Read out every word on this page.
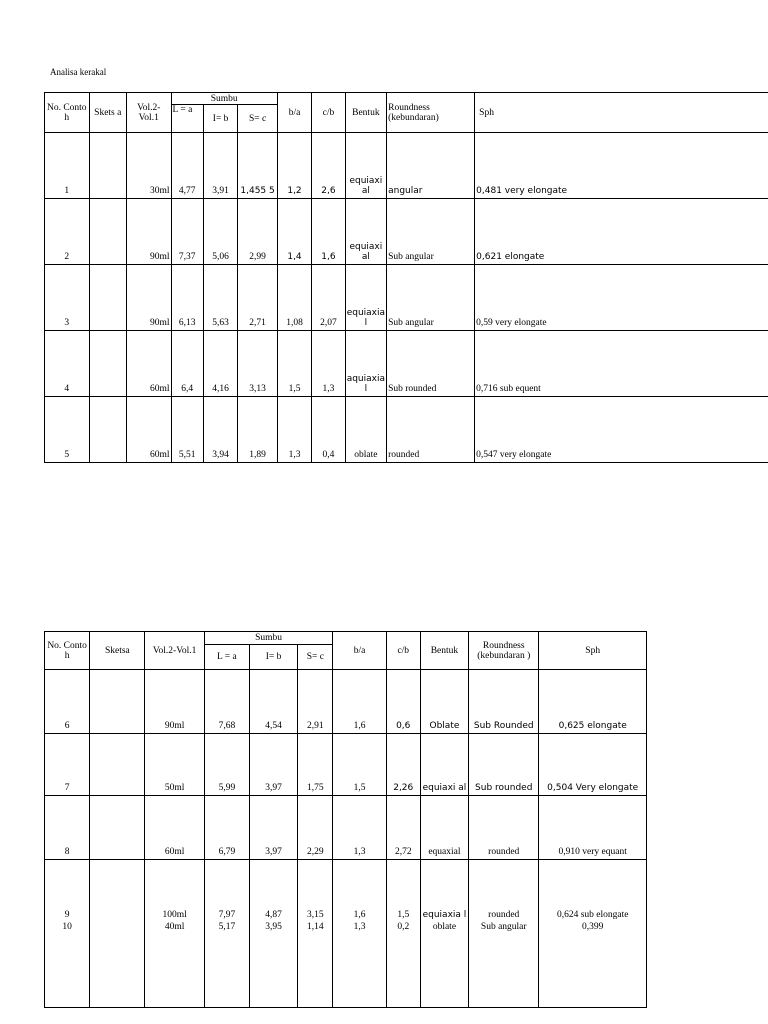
Analisa kerakal
No. Conto h	Skets a	Vol.2-Vol.1	Sumbu			b/a	c/b	Bentuk	Roundness (kebundaran)	Sph
			L = a	I= b	S= c					
1		30ml	4,77	3,91	1,455 5	1,2	2,6	equiaxi al	angular	0,481 very elongate
2		90ml	7,37	5,06	2,99	1,4	1,6	equiaxi al	Sub angular	0,621 elongate
3		90ml	6,13	5,63	2,71	1,08	2,07	equiaxia l	Sub angular	0,59 very elongate
4		60ml	6,4	4,16	3,13	1,5	1,3	aquiaxia l	Sub rounded	0,716 sub equent
5		60ml	5,51	3,94	1,89	1,3	0,4	oblate	rounded	0,547 very elongate
No. Conto h	Sketsa	Vol.2-Vol.1	Sumbu			b/a	c/b	Bentuk	Roundness (kebundaran )	Sph
			L = a	I= b	S= c					
6		90ml	7,68	4,54	2,91	1,6	0,6	Oblate	Sub Rounded	0,625 elongate
7		50ml	5,99	3,97	1,75	1,5	2,26	equiaxi al	Sub rounded	0,504 Very elongate
8		60ml	6,79	3,97	2,29	1,3	2,72	equaxial	rounded	0,910 very equant
9		100ml	7,97	4,87	3,15	1,6	1,5	equiaxia l	rounded	0,624 sub elongate
10		40ml	5,17	3,95	1,14	1,3	0,2	oblate	Sub angular	0,399
